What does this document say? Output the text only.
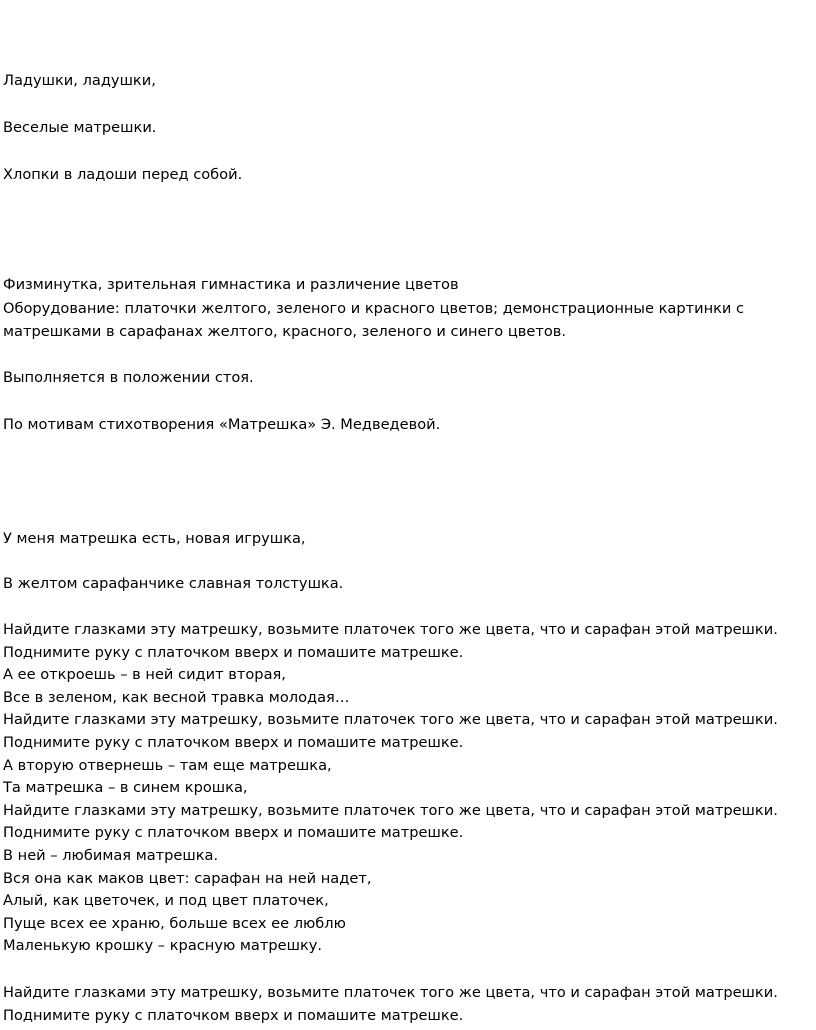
Ладушки, ладушки,
Веселые матрешки.
Хлопки в ладоши перед собой.
Физминутка, зрительная гимнастика и различение цветов
Оборудование: платочки желтого, зеленого и красного цветов; демонстрационные картинки с
матрешками в сарафанах желтого, красного, зеленого и синего цветов.
Выполняется в положении стоя.
По мотивам стихотворения «Матрешка» Э. Медведевой.
У меня матрешка есть, новая игрушка,
В желтом сарафанчике славная толстушка.
Найдите глазками эту матрешку, возьмите платочек того же цвета, что и сарафан этой матрешки.
Поднимите руку с платочком вверх и помашите матрешке.
А ее откроешь – в ней сидит вторая,
Все в зеленом, как весной травка молодая…
Найдите глазками эту матрешку, возьмите платочек того же цвета, что и сарафан этой матрешки.
Поднимите руку с платочком вверх и помашите матрешке.
А вторую отвернешь – там еще матрешка,
Та матрешка – в синем крошка,
Найдите глазками эту матрешку, возьмите платочек того же цвета, что и сарафан этой матрешки.
Поднимите руку с платочком вверх и помашите матрешке.
В ней – любимая матрешка.
Вся она как маков цвет: сарафан на ней надет,
Алый, как цветочек, и под цвет платочек,
Пуще всех ее храню, больше всех ее люблю
Маленькую крошку – красную матрешку.
Найдите глазками эту матрешку, возьмите платочек того же цвета, что и сарафан этой матрешки.
Поднимите руку с платочком вверх и помашите матрешке.
